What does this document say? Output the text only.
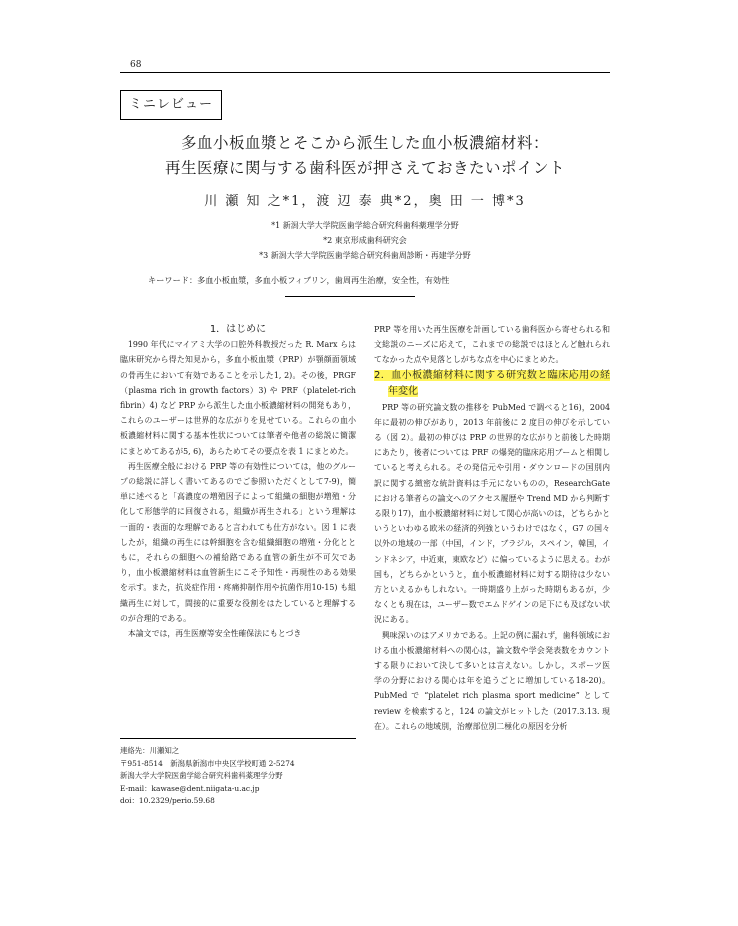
68
ミニレビュー
多血小板血漿とそこから派生した血小板濃縮材料：
再生医療に関与する歯科医が押さえておきたいポイント
川 瀬 知 之*1，渡 辺 泰 典*2，奥 田 一 博*3
*1 新潟大学大学院医歯学総合研究科歯科薬理学分野
*2 東京形成歯科研究会
*3 新潟大学大学院医歯学総合研究科歯周診断・再建学分野
キーワード：多血小板血漿，多血小板フィブリン，歯周再生治療，安全性，有効性

1．はじめに

1990 年代にマイアミ大学の口腔外科教授だった R. Marx らは臨床研究から得た知見から，多血小板血漿（PRP）が顎顔面領域の骨再生において有効であることを示した1, 2)。その後，PRGF（plasma rich in growth factors）3) や PRF（platelet-rich fibrin）4) など PRP から派生した血小板濃縮材料の開発もあり，これらのユーザーは世界的な広がりを見せている。これらの血小板濃縮材料に関する基本性状については筆者や他者の総説に簡潔にまとめてあるが5, 6)，あらためてその要点を表 1 にまとめた。

再生医療全般における PRP 等の有効性については，他のグループの総説に詳しく書いてあるのでご参照いただくとして7-9)，簡単に述べると「高濃度の増殖因子によって組織の細胞が増殖・分化して形態学的に回復される，組織が再生される」という理解は一面的・表面的な理解であると言われても仕方がない。図 1 に表したが，組織の再生には幹細胞を含む組織細胞の増殖・分化とともに，それらの細胞への補給路である血管の新生が不可欠であり，血小板濃縮材料は血管新生にこそ予知性・再現性のある効果を示す。また，抗炎症作用・疼痛抑制作用や抗菌作用10-15) も組織再生に対して，間接的に重要な役割をはたしていると理解するのが合理的である。

本論文では，再生医療等安全性確保法にもとづき

連絡先：川瀬知之
〒951-8514　新潟県新潟市中央区学校町通 2-5274
新潟大学大学院医歯学総合研究科歯科薬理学分野
E-mail：kawase@dent.niigata-u.ac.jp
doi：10.2329/perio.59.68

PRP 等を用いた再生医療を計画している歯科医から寄せられる和文総説のニーズに応えて，これまでの総説ではほとんど触れられてなかった点や見落としがちな点を中心にまとめた。

2．血小板濃縮材料に関する研究数と臨床応用の経年変化

PRP 等の研究論文数の推移を PubMed で調べると16)，2004 年に最初の伸びがあり，2013 年前後に 2 度目の伸びを示している（図 2）。最初の伸びは PRP の世界的な広がりと前後した時期にあたり，後者については PRF の爆発的臨床応用ブームと相関していると考えられる。その発信元や引用・ダウンロードの国別内訳に関する緻密な統計資料は手元にないものの，ResearchGate における筆者らの論文へのアクセス履歴や Trend MD から判断する限り17)，血小板濃縮材料に対して関心が高いのは，どちらかというといわゆる欧米の経済的列強というわけではなく，G7 の国々以外の地域の一部（中国，インド，ブラジル，スペイン，韓国，インドネシア，中近東，東欧など）に偏っているように思える。わが国も，どちらかというと，血小板濃縮材料に対する期待は少ない方といえるかもしれない。一時期盛り上がった時期もあるが，少なくとも現在は，ユーザー数でエムドゲインの足下にも及ばない状況にある。

興味深いのはアメリカである。上記の例に漏れず，歯科領域における血小板濃縮材料への関心は，論文数や学会発表数をカウントする限りにおいて決して多いとは言えない。しかし，スポーツ医学の分野における関心は年を追うごとに増加している18-20)。PubMed で “platelet rich plasma sport medicine” として review を検索すると，124 の論文がヒットした（2017.3.13. 現在）。これらの地域別，治療部位別二極化の原因を分析
